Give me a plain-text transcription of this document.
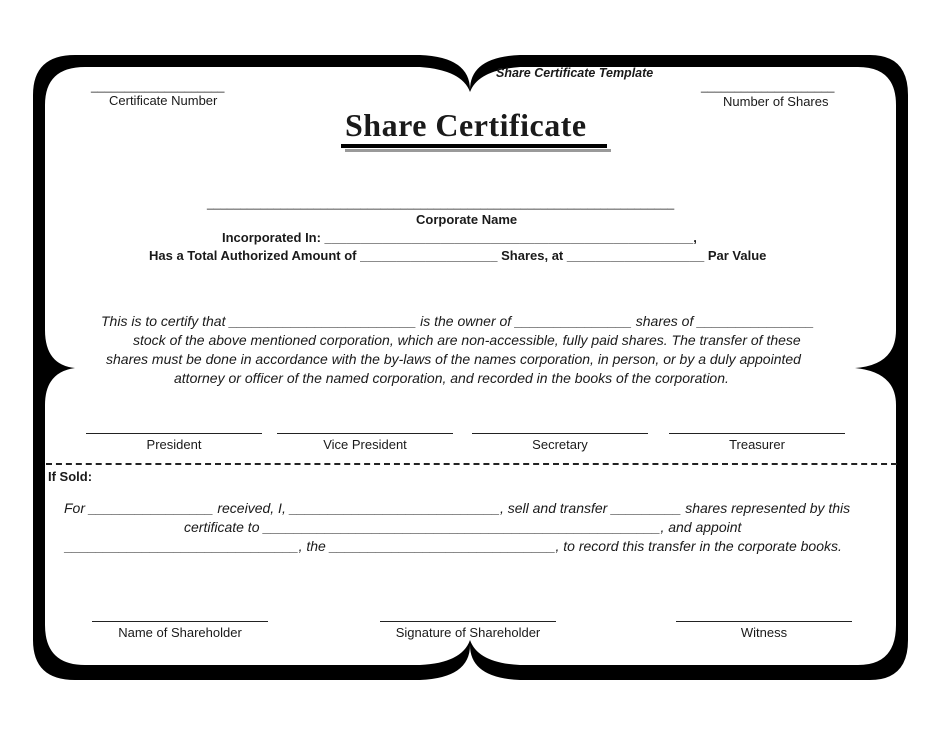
Share Certificate Template
____________________
Certificate Number
____________________
Number of Shares
Share Certificate
______________________________________________________________________
Corporate Name
Incorporated In: ___________________________________________________,
Has a Total Authorized Amount of ___________________ Shares, at ___________________ Par Value
This is to certify that ________________________ is the owner of _______________ shares of _______________
stock of the above mentioned corporation, which are non-accessible, fully paid shares. The transfer of these
shares must be done in accordance with the by-laws of the names corporation, in person, or by a duly appointed
attorney or officer of the named corporation, and recorded in the books of the corporation.
President	Vice President	Secretary	Treasurer
If Sold:
For ________________ received, I, ___________________________, sell and transfer _________ shares represented by this
certificate to ___________________________________________________, and appoint
______________________________, the _____________________________, to record this transfer in the corporate books.
Name of Shareholder	Signature of Shareholder	Witness
